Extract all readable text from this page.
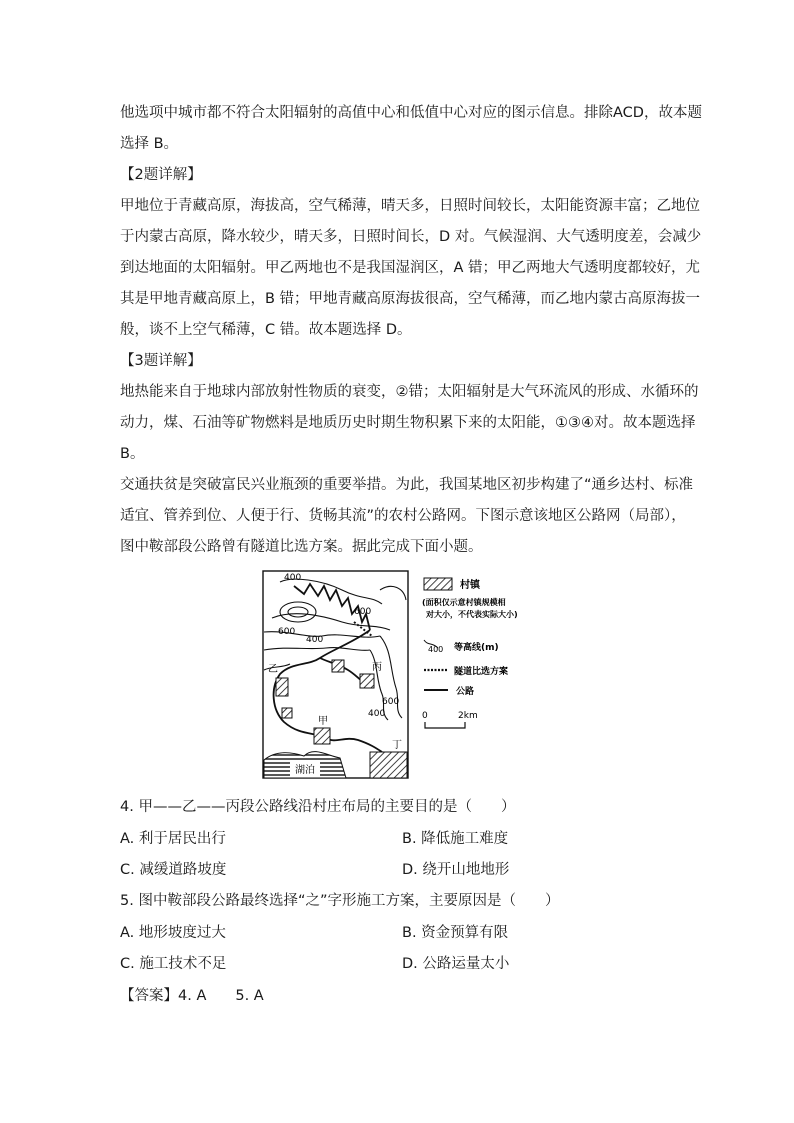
他选项中城市都不符合太阳辐射的高值中心和低值中心对应的图示信息。排除ACD，故本题
选择 B。
【2题详解】
甲地位于青藏高原，海拔高，空气稀薄，晴天多，日照时间较长，太阳能资源丰富；乙地位
于内蒙古高原，降水较少，晴天多，日照时间长，D 对。气候湿润、大气透明度差，会减少
到达地面的太阳辐射。甲乙两地也不是我国湿润区，A 错；甲乙两地大气透明度都较好，尤
其是甲地青藏高原上，B 错；甲地青藏高原海拔很高，空气稀薄，而乙地内蒙古高原海拔一
般，谈不上空气稀薄，C 错。故本题选择 D。
【3题详解】
地热能来自于地球内部放射性物质的衰变，②错；太阳辐射是大气环流风的形成、水循环的
动力，煤、石油等矿物燃料是地质历史时期生物积累下来的太阳能，①③④对。故本题选择
B。
交通扶贫是突破富民兴业瓶颈的重要举措。为此，我国某地区初步构建了“通乡达村、标准
适宜、管养到位、人便于行、货畅其流”的农村公路网。下图示意该地区公路网（局部），
图中鞍部段公路曾有隧道比选方案。据此完成下面小题。
湖泊
甲
乙	丙
丁
400
600
600
400
600
400
村镇
(面积仅示意村镇规模相
对大小，不代表实际大小)
400 等高线(m)
隧道比选方案
公路
0	2km
4. 甲——乙——丙段公路线沿村庄布局的主要目的是（　　）
A. 利于居民出行	B. 降低施工难度
C. 减缓道路坡度	D. 绕开山地地形
5. 图中鞍部段公路最终选择“之”字形施工方案，主要原因是（　　）
A. 地形坡度过大	B. 资金预算有限
C. 施工技术不足	D. 公路运量太小
【答案】4. A　　5. A
